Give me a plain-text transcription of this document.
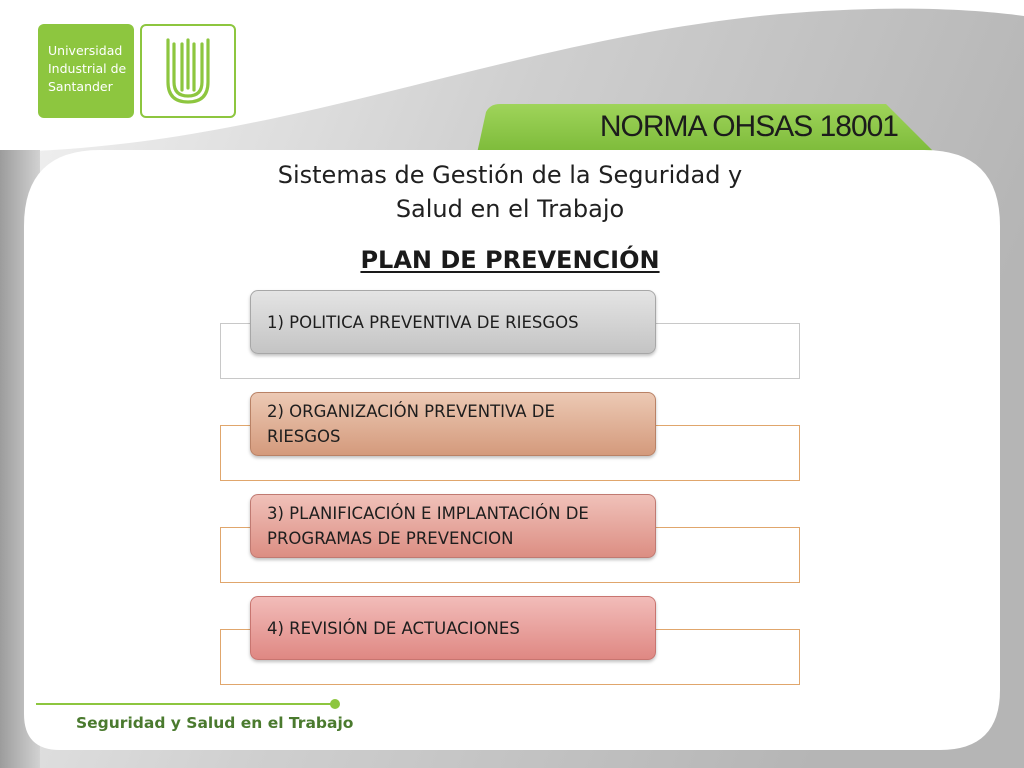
Universidad
Industrial de
Santander
NORMA OHSAS 18001
Sistemas de Gestión de la Seguridad y
Salud en el Trabajo
PLAN DE PREVENCIÓN
1) POLITICA PREVENTIVA DE RIESGOS
2) ORGANIZACIÓN PREVENTIVA DE
RIESGOS
3) PLANIFICACIÓN E IMPLANTACIÓN DE
PROGRAMAS DE PREVENCION
4) REVISIÓN DE ACTUACIONES
Seguridad y Salud en el Trabajo
